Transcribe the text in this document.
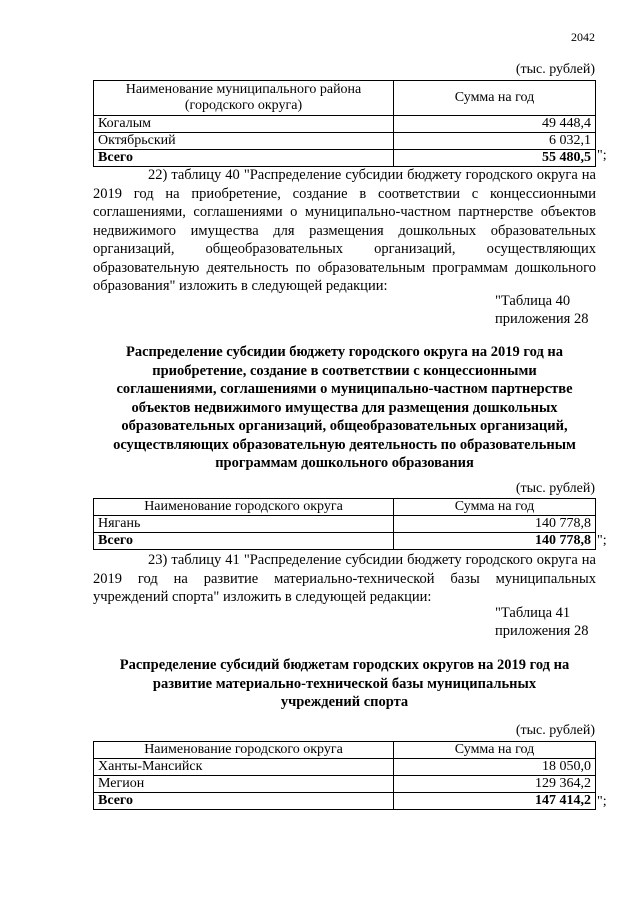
2042
(тыс. рублей)
Наименование муниципального района (городского округа)	Сумма на год
Когалым	49 448,4
Октябрьский	6 032,1
Всего	55 480,5 ";

22) таблицу 40 "Распределение субсидии бюджету городского округа на 2019 год на приобретение, создание в соответствии с концессионными соглашениями, соглашениями о муниципально-частном партнерстве объектов недвижимого имущества для размещения дошкольных образовательных организаций, общеобразовательных организаций, осуществляющих образовательную деятельность по образовательным программам дошкольного образования" изложить в следующей редакции:

"Таблица 40
приложения 28

Распределение субсидии бюджету городского округа на 2019 год на приобретение, создание в соответствии с концессионными соглашениями, соглашениями о муниципально-частном партнерстве объектов недвижимого имущества для размещения дошкольных образовательных организаций, общеобразовательных организаций, осуществляющих образовательную деятельность по образовательным программам дошкольного образования

(тыс. рублей)
Наименование городского округа	Сумма на год
Нягань	140 778,8
Всего	140 778,8 ";

23) таблицу 41 "Распределение субсидии бюджету городского округа на 2019 год на развитие материально-технической базы муниципальных учреждений спорта" изложить в следующей редакции:

"Таблица 41
приложения 28

Распределение субсидий бюджетам городских округов на 2019 год на развитие материально-технической базы муниципальных учреждений спорта

(тыс. рублей)
Наименование городского округа	Сумма на год
Ханты-Мансийск	18 050,0
Мегион	129 364,2
Всего	147 414,2 ";
